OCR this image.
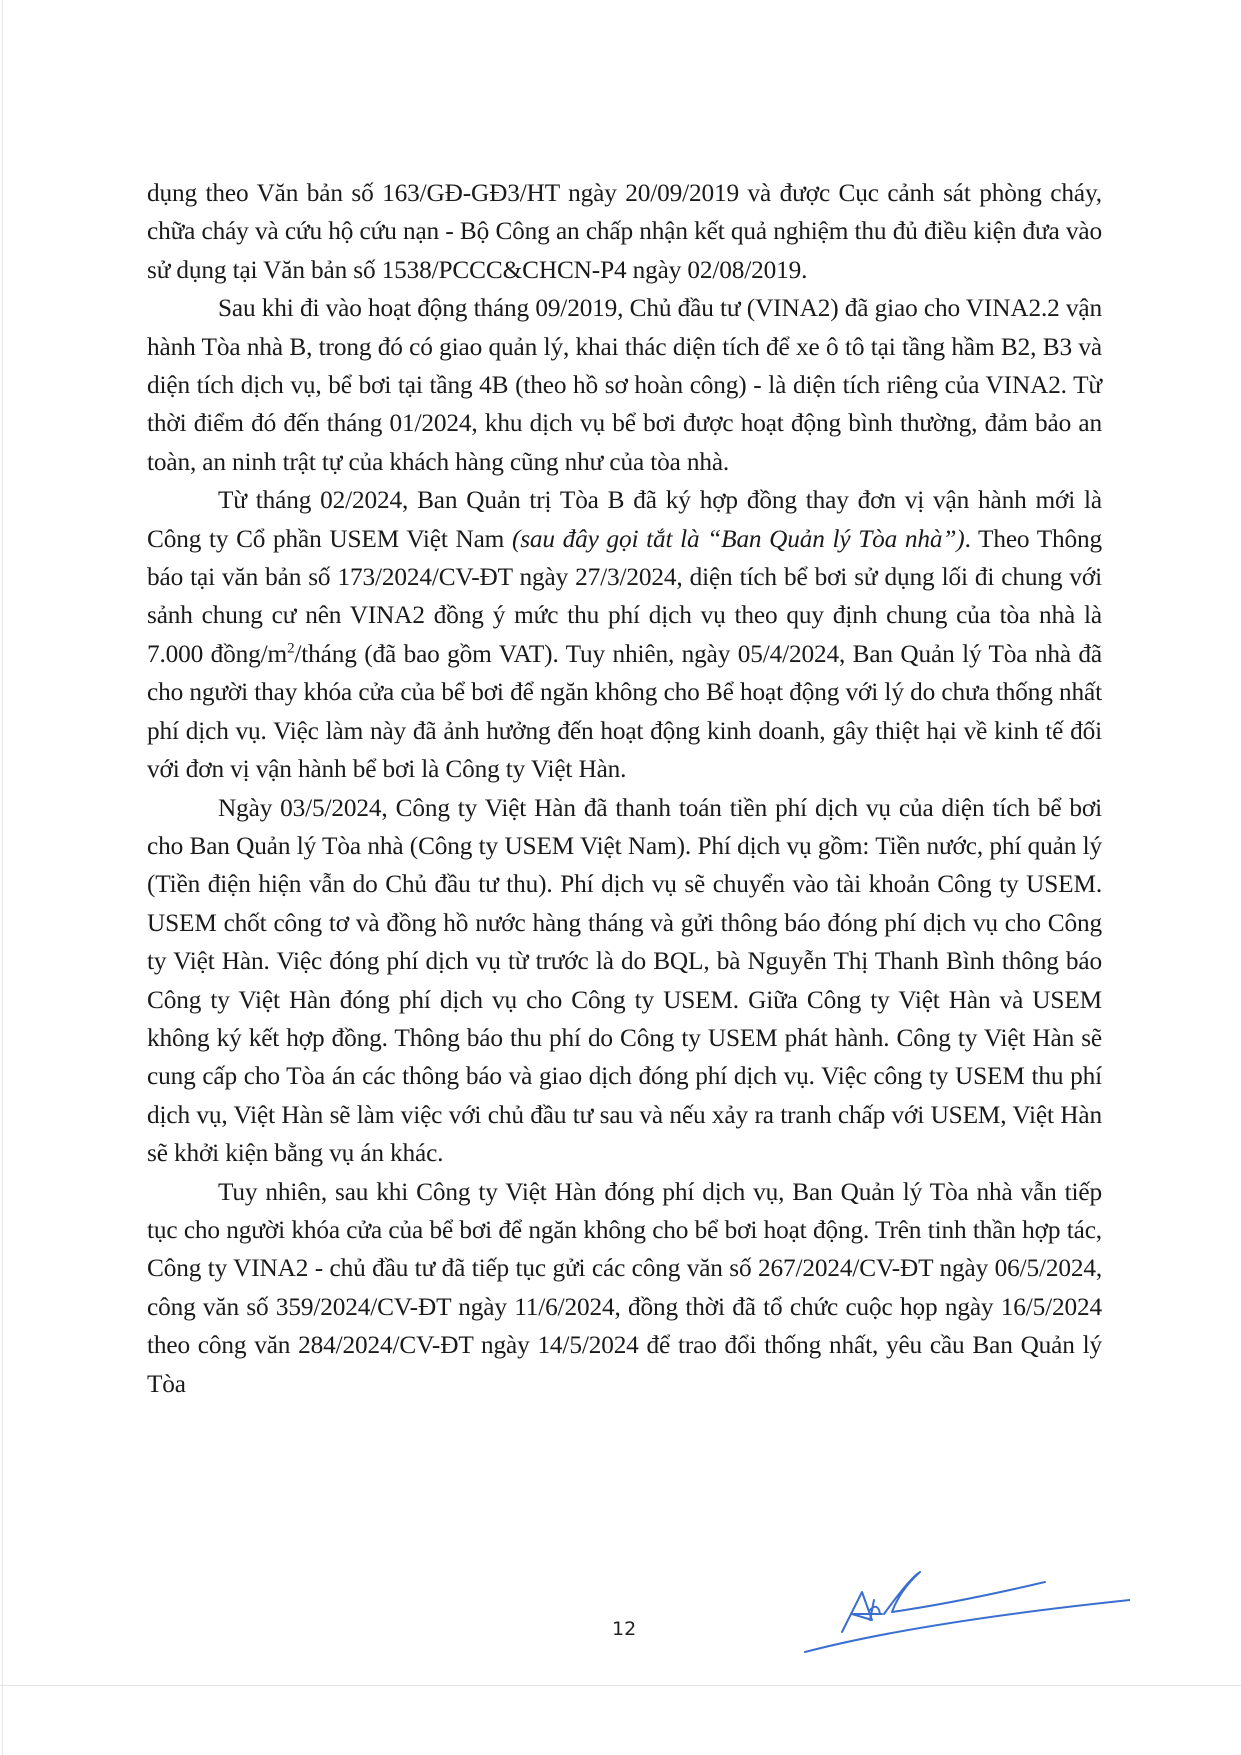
dụng theo Văn bản số 163/GĐ-GĐ3/HT ngày 20/09/2019 và được Cục cảnh sát phòng cháy, chữa cháy và cứu hộ cứu nạn - Bộ Công an chấp nhận kết quả nghiệm thu đủ điều kiện đưa vào sử dụng tại Văn bản số 1538/PCCC&CHCN-P4 ngày 02/08/2019.

Sau khi đi vào hoạt động tháng 09/2019, Chủ đầu tư (VINA2) đã giao cho VINA2.2 vận hành Tòa nhà B, trong đó có giao quản lý, khai thác diện tích để xe ô tô tại tầng hầm B2, B3 và diện tích dịch vụ, bể bơi tại tầng 4B (theo hồ sơ hoàn công) - là diện tích riêng của VINA2. Từ thời điểm đó đến tháng 01/2024, khu dịch vụ bể bơi được hoạt động bình thường, đảm bảo an toàn, an ninh trật tự của khách hàng cũng như của tòa nhà.

Từ tháng 02/2024, Ban Quản trị Tòa B đã ký hợp đồng thay đơn vị vận hành mới là Công ty Cổ phần USEM Việt Nam (sau đây gọi tắt là “Ban Quản lý Tòa nhà”). Theo Thông báo tại văn bản số 173/2024/CV-ĐT ngày 27/3/2024, diện tích bể bơi sử dụng lối đi chung với sảnh chung cư nên VINA2 đồng ý mức thu phí dịch vụ theo quy định chung của tòa nhà là 7.000 đồng/$m^2$/tháng (đã bao gồm VAT). Tuy nhiên, ngày 05/4/2024, Ban Quản lý Tòa nhà đã cho người thay khóa cửa của bể bơi để ngăn không cho Bể hoạt động với lý do chưa thống nhất phí dịch vụ. Việc làm này đã ảnh hưởng đến hoạt động kinh doanh, gây thiệt hại về kinh tế đối với đơn vị vận hành bể bơi là Công ty Việt Hàn.

Ngày 03/5/2024, Công ty Việt Hàn đã thanh toán tiền phí dịch vụ của diện tích bể bơi cho Ban Quản lý Tòa nhà (Công ty USEM Việt Nam). Phí dịch vụ gồm: Tiền nước, phí quản lý (Tiền điện hiện vẫn do Chủ đầu tư thu). Phí dịch vụ sẽ chuyển vào tài khoản Công ty USEM. USEM chốt công tơ và đồng hồ nước hàng tháng và gửi thông báo đóng phí dịch vụ cho Công ty Việt Hàn. Việc đóng phí dịch vụ từ trước là do BQL, bà Nguyễn Thị Thanh Bình thông báo Công ty Việt Hàn đóng phí dịch vụ cho Công ty USEM. Giữa Công ty Việt Hàn và USEM không ký kết hợp đồng. Thông báo thu phí do Công ty USEM phát hành. Công ty Việt Hàn sẽ cung cấp cho Tòa án các thông báo và giao dịch đóng phí dịch vụ. Việc công ty USEM thu phí dịch vụ, Việt Hàn sẽ làm việc với chủ đầu tư sau và nếu xảy ra tranh chấp với USEM, Việt Hàn sẽ khởi kiện bằng vụ án khác.

Tuy nhiên, sau khi Công ty Việt Hàn đóng phí dịch vụ, Ban Quản lý Tòa nhà vẫn tiếp tục cho người khóa cửa của bể bơi để ngăn không cho bể bơi hoạt động. Trên tinh thần hợp tác, Công ty VINA2 - chủ đầu tư đã tiếp tục gửi các công văn số 267/2024/CV-ĐT ngày 06/5/2024, công văn số 359/2024/CV-ĐT ngày 11/6/2024, đồng thời đã tổ chức cuộc họp ngày 16/5/2024 theo công văn 284/2024/CV-ĐT ngày 14/5/2024 để trao đổi thống nhất, yêu cầu Ban Quản lý Tòa

12
